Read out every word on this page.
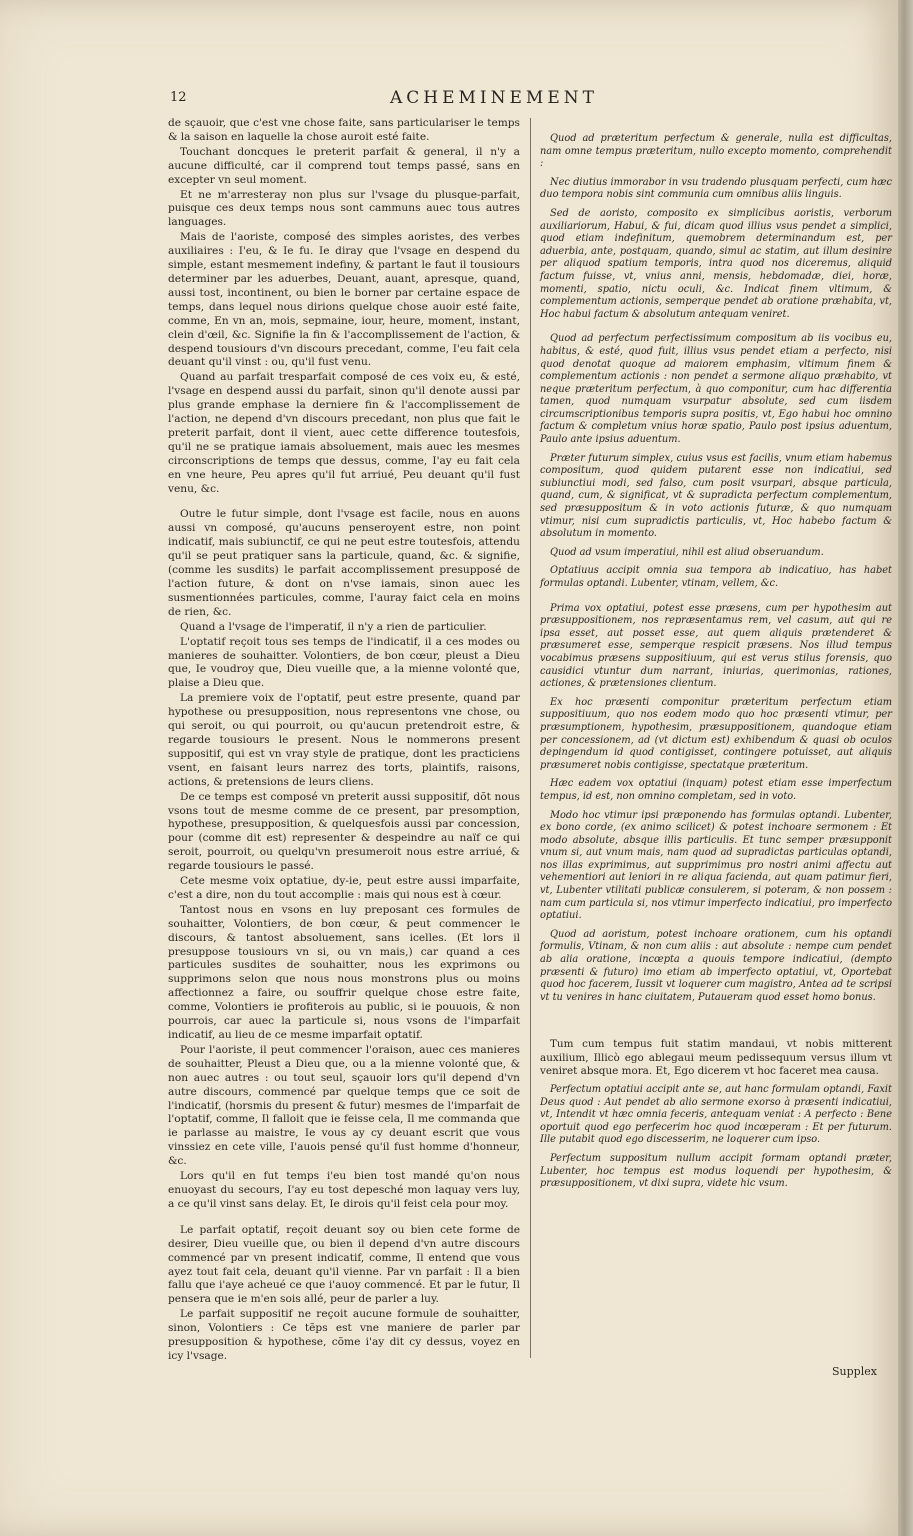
12	ACHEMINEMENT

de sçauoir, que c'est vne chose faite, sans particulariser le temps & la saison en laquelle la chose auroit esté faite.

Touchant doncques le preterit parfait & general, il n'y a aucune difficulté, car il comprend tout temps passé, sans en excepter vn seul moment.

Et ne m'arresteray non plus sur l'vsage du plusque-parfait, puisque ces deux temps nous sont cammuns auec tous autres languages.

Mais de l'aoriste, composé des simples aoristes, des verbes auxiliaires : I'eu, & Ie fu. Ie diray que l'vsage en despend du simple, estant mesmement indefiny, & partant le faut il tousiours determiner par les aduerbes, Deuant, auant, apresque, quand, aussi tost, incontinent, ou bien le borner par certaine espace de temps, dans lequel nous dirions quelque chose auoir esté faite, comme, En vn an, mois, sepmaine, iour, heure, moment, instant, clein d'œil, &c. Signifie la fin & l'accomplissement de l'action, & despend tousiours d'vn discours precedant, comme, I'eu fait cela deuant qu'il vinst : ou, qu'il fust venu.

Quand au parfait tresparfait composé de ces voix eu, & esté, l'vsage en despend aussi du parfait, sinon qu'il denote aussi par plus grande emphase la derniere fin & l'accomplissement de l'action, ne depend d'vn discours precedant, non plus que fait le preterit parfait, dont il vient, auec cette difference toutesfois, qu'il ne se pratique iamais absoluement, mais auec les mesmes circonscriptions de temps que dessus, comme, I'ay eu fait cela en vne heure, Peu apres qu'il fut arriué, Peu deuant qu'il fust venu, &c.

Outre le futur simple, dont l'vsage est facile, nous en auons aussi vn composé, qu'aucuns penseroyent estre, non point indicatif, mais subiunctif, ce qui ne peut estre toutesfois, attendu qu'il se peut pratiquer sans la particule, quand, &c. & signifie, (comme les susdits) le parfait accomplissement presupposé de l'action future, & dont on n'vse iamais, sinon auec les susmentionnées particules, comme, I'auray faict cela en moins de rien, &c.

Quand a l'vsage de l'imperatif, il n'y a rien de particulier.

L'optatif reçoit tous ses temps de l'indicatif, il a ces modes ou manieres de souhaitter. Volontiers, de bon cœur, pleust a Dieu que, Ie voudroy que, Dieu vueille que, a la mienne volonté que, plaise a Dieu que.

La premiere voix de l'optatif, peut estre presente, quand par hypothese ou presupposition, nous representons vne chose, ou qui seroit, ou qui pourroit, ou qu'aucun pretendroit estre, & regarde tousiours le present. Nous le nommerons present suppositif, qui est vn vray style de pratique, dont les practiciens vsent, en faisant leurs narrez des torts, plaintifs, raisons, actions, & pretensions de leurs cliens.

De ce temps est composé vn preterit aussi suppositif, dõt nous vsons tout de mesme comme de ce present, par presomption, hypothese, presupposition, & quelquesfois aussi par concession, pour (comme dit est) representer & despeindre au naïf ce qui seroit, pourroit, ou quelqu'vn presumeroit nous estre arriué, & regarde tousiours le passé.

Cete mesme voix optatiue, dy-ie, peut estre aussi imparfaite, c'est a dire, non du tout accomplie : mais qui nous est à cœur.

Tantost nous en vsons en luy preposant ces formules de souhaitter, Volontiers, de bon cœur, & peut commencer le discours, & tantost absoluement, sans icelles. (Et lors il presuppose tousiours vn si, ou vn mais,) car quand a ces particules susdites de souhaitter, nous les exprimons ou supprimons selon que nous nous monstrons plus ou moins affectionnez a faire, ou souffrir quelque chose estre faite, comme, Volontiers ie profiterois au public, si ie pouuois, & non pourrois, car auec la particule si, nous vsons de l'imparfait indicatif, au lieu de ce mesme imparfait optatif.

Pour l'aoriste, il peut commencer l'oraison, auec ces manieres de souhaitter, Pleust a Dieu que, ou a la mienne volonté que, & non auec autres : ou tout seul, sçauoir lors qu'il depend d'vn autre discours, commencé par quelque temps que ce soit de l'indicatif, (horsmis du present & futur) mesmes de l'imparfait de l'optatif, comme, Il falloit que ie feisse cela, Il me commanda que ie parlasse au maistre, Ie vous ay cy deuant escrit que vous vinssiez en cete ville, I'auois pensé qu'il fust homme d'honneur, &c.

Lors qu'il en fut temps i'eu bien tost mandé qu'on nous enuoyast du secours, I'ay eu tost depesché mon laquay vers luy, a ce qu'il vinst sans delay. Et, Ie dirois qu'il feist cela pour moy.

Le parfait optatif, reçoit deuant soy ou bien cete forme de desirer, Dieu vueille que, ou bien il depend d'vn autre discours commencé par vn present indicatif, comme, Il entend que vous ayez tout fait cela, deuant qu'il vienne. Par vn parfait : Il a bien fallu que i'aye acheué ce que i'auoy commencé. Et par le futur, Il pensera que ie m'en sois allé, peur de parler a luy.

Le parfait suppositif ne reçoit aucune formule de souhaitter, sinon, Volontiers : Ce tẽps est vne maniere de parler par presupposition & hypothese, cõme i'ay dit cy dessus, voyez en icy l'vsage.

Quod ad præteritum perfectum & generale, nulla est difficultas, nam omne tempus præteritum, nullo excepto momento, comprehendit :

Nec diutius immorabor in vsu tradendo plusquam perfecti, cum hæc duo tempora nobis sint communia cum omnibus aliis linguis.

Sed de aoristo, composito ex simplicibus aoristis, verborum auxiliariorum, Habui, & fui, dicam quod illius vsus pendet a simplici, quod etiam indefinitum, quemobrem determinandum est, per aduerbia, ante, postquam, quando, simul ac statim, aut illum desinire per aliquod spatium temporis, intra quod nos diceremus, aliquid factum fuisse, vt, vnius anni, mensis, hebdomadæ, diei, horæ, momenti, spatio, nictu oculi, &c. Indicat finem vltimum, & complementum actionis, semperque pendet ab oratione præhabita, vt, Hoc habui factum & absolutum antequam veniret.

Quod ad perfectum perfectissimum compositum ab iis vocibus eu, habitus, & esté, quod fuit, illius vsus pendet etiam a perfecto, nisi quod denotat quoque ad maiorem emphasim, vltimum finem & complementum actionis : non pendet a sermone aliquo præhabito, vt neque præteritum perfectum, à quo componitur, cum hac differentia tamen, quod numquam vsurpatur absolute, sed cum iisdem circumscriptionibus temporis supra positis, vt, Ego habui hoc omnino factum & completum vnius horæ spatio, Paulo post ipsius aduentum, Paulo ante ipsius aduentum.

Præter futurum simplex, cuius vsus est facilis, vnum etiam habemus compositum, quod quidem putarent esse non indicatiui, sed subiunctiui modi, sed falso, cum posit vsurpari, absque particula, quand, cum, & significat, vt & supradicta perfectum complementum, sed præsuppositum & in voto actionis futuræ, & quo numquam vtimur, nisi cum supradictis particulis, vt, Hoc habebo factum & absolutum in momento.

Quod ad vsum imperatiui, nihil est aliud obseruandum.

Optatiuus accipit omnia sua tempora ab indicatiuo, has habet formulas optandi. Lubenter, vtinam, vellem, &c.

Prima vox optatiui, potest esse præsens, cum per hypothesim aut præsuppositionem, nos repræsentamus rem, vel casum, aut qui re ipsa esset, aut posset esse, aut quem aliquis prætenderet & præsumeret esse, semperque respicit præsens. Nos illud tempus vocabimus præsens suppositiuum, qui est verus stilus forensis, quo causidici vtuntur dum narrant, iniurias, querimonias, rationes, actiones, & prætensiones clientum.

Ex hoc præsenti componitur præteritum perfectum etiam suppositiuum, quo nos eodem modo quo hoc præsenti vtimur, per præsumptionem, hypothesim, præsuppositionem, quandoque etiam per concessionem, ad (vt dictum est) exhibendum & quasi ob oculos depingendum id quod contigisset, contingere potuisset, aut aliquis præsumeret nobis contigisse, spectatque præteritum.

Hæc eadem vox optatiui (inquam) potest etiam esse imperfectum tempus, id est, non omnino completam, sed in voto.

Modo hoc vtimur ipsi præponendo has formulas optandi. Lubenter, ex bono corde, (ex animo scilicet) & potest inchoare sermonem : Et modo absolute, absque illis particulis. Et tunc semper præsupponit vnum si, aut vnum mais, nam quod ad supradictas particulas optandi, nos illas exprimimus, aut supprimimus pro nostri animi affectu aut vehementiori aut leniori in re aliqua facienda, aut quam patimur fieri, vt, Lubenter vtilitati publicæ consulerem, si poteram, & non possem : nam cum particula si, nos vtimur imperfecto indicatiui, pro imperfecto optatiui.

Quod ad aoristum, potest inchoare orationem, cum his optandi formulis, Vtinam, & non cum aliis : aut absolute : nempe cum pendet ab alia oratione, incœpta a quouis tempore indicatiui, (dempto præsenti & futuro) imo etiam ab imperfecto optatiui, vt, Oportebat quod hoc facerem, Iussit vt loquerer cum magistro, Antea ad te scripsi vt tu venires in hanc ciuitatem, Putaueram quod esset homo bonus.

Tum cum tempus fuit statim mandaui, vt nobis mitterent auxilium, Illicò ego ablegaui meum pedissequum versus illum vt veniret absque mora. Et, Ego dicerem vt hoc faceret mea causa.

Perfectum optatiui accipit ante se, aut hanc formulam optandi, Faxit Deus quod : Aut pendet ab alio sermone exorso à præsenti indicatiui, vt, Intendit vt hæc omnia feceris, antequam veniat : A perfecto : Bene oportuit quod ego perfecerim hoc quod incœperam : Et per futurum. Ille putabit quod ego discesserim, ne loquerer cum ipso.

Perfectum suppositum nullum accipit formam optandi præter, Lubenter, hoc tempus est modus loquendi per hypothesim, & præsuppositionem, vt dixi supra, videte hic vsum.

Supplex
